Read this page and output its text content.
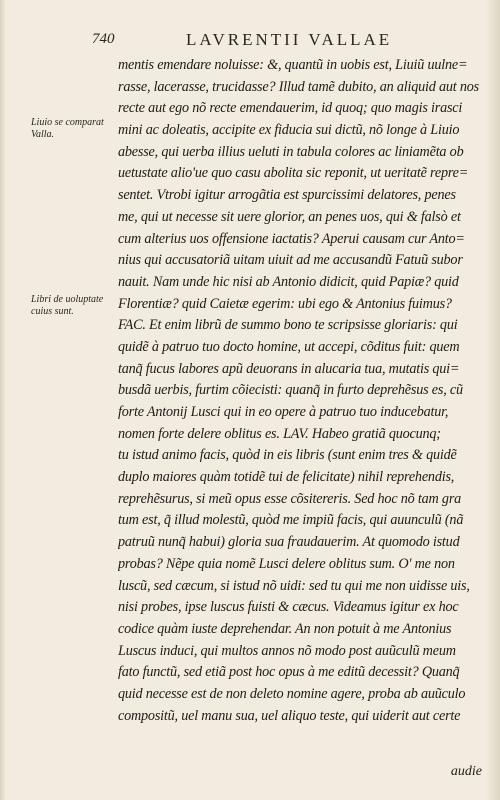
740	LAVRENTII VALLAE
Liuio se comparat Valla.
Libri de uoluptate cuius sunt.
mentis emendare noluisse: &, quantũ in uobis est, Liuiũ uulne=
rasse, lacerasse, trucidasse? Illud tamẽ dubito, an aliquid aut nos
recte aut ego nõ recte emendauerim, id quoq; quo magis irasci
mini ac doleatis, accipite ex fiducia sui dictũ, nõ longe à Liuio
abesse, qui uerba illius ueluti in tabula colores ac liniamẽta ob
uetustate alio'ue quo casu abolita sic reponit, ut ueritatẽ repre=
sentet. Vtrobi igitur arrogãtia est spurcissimi delatores, penes
me, qui ut necesse sit uere glorior, an penes uos, qui & falsò et
cum alterius uos offensione iactatis? Aperui causam cur Anto=
nius qui accusatoriã uitam uiuit ad me accusandũ Fatuũ subor
nauit. Nam unde hic nisi ab Antonio didicit, quid Papiæ? quid
Florentiæ? quid Caietæ egerim: ubi ego & Antonius fuimus?
FAC. Et enim librũ de summo bono te scripsisse gloriaris: qui
quidẽ à patruo tuo docto homine, ut accepi, cõditus fuit: quem
tanq̃ fucus labores apũ deuorans in alucaria tua, mutatis qui=
busdã uerbis, furtim cõiecisti: quanq̃ in furto deprehẽsus es, cũ
forte Antonij Lusci qui in eo opere à patruo tuo inducebatur,
nomen forte delere oblitus es. LAV. Habeo gratiã quocunq;
tu istud animo facis, quòd in eis libris (sunt enim tres & quidẽ
duplo maiores quàm totidẽ tui de felicitate) nihil reprehendis,
reprehẽsurus, si meũ opus esse cõsitereris. Sed hoc nõ tam gra
tum est, q̃ illud molestũ, quòd me impiũ facis, qui auunculũ (nã
patruũ nunq̃ habui) gloria sua fraudauerim. At quomodo istud
probas? Nẽpe quia nomẽ Lusci delere oblitus sum. O' me non
luscũ, sed cæcum, si istud nõ uidi: sed tu qui me non uidisse uis,
nisi probes, ipse luscus fuisti & cæcus. Videamus igitur ex hoc
codice quàm iuste deprehendar. An non potuit à me Antonius
Luscus induci, qui multos annos nõ modo post auũculũ meum
fato functũ, sed etiã post hoc opus à me editũ decessit? Quanq̃
quid necesse est de non deleto nomine agere, proba ab auũculo
compositũ, uel manu sua, uel aliquo teste, qui uiderit aut certe
audie
